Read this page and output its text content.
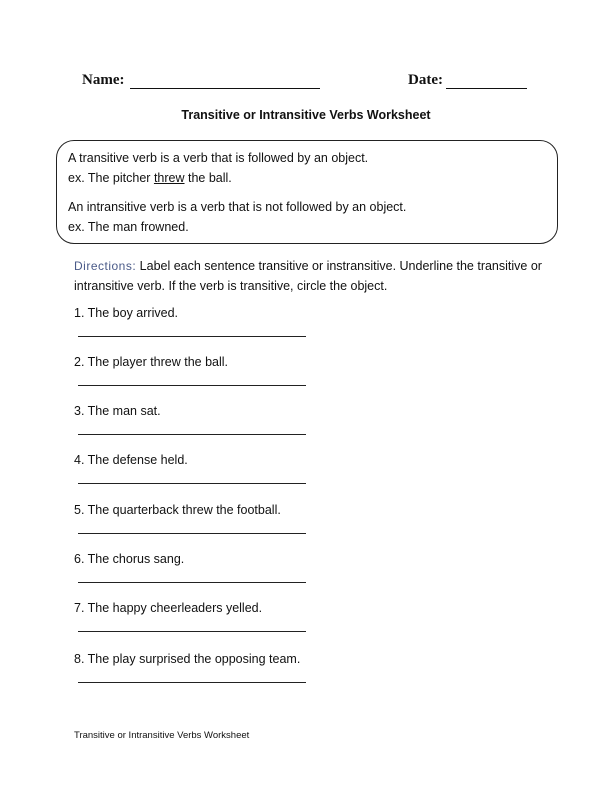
Name:	Date:
Transitive or Intransitive Verbs Worksheet

A transitive verb is a verb that is followed by an object.

ex. The pitcher threw the ball.

An intransitive verb is a verb that is not followed by an object.

ex. The man frowned.

Directions: Label each sentence transitive or instransitive. Underline the transitive or intransitive verb. If the verb is transitive, circle the object.
1. The boy arrived.
2. The player threw the ball.
3. The man sat.
4. The defense held.
5. The quarterback threw the football.
6. The chorus sang.
7. The happy cheerleaders yelled.
8. The play surprised the opposing team.
Transitive or Intransitive Verbs Worksheet
